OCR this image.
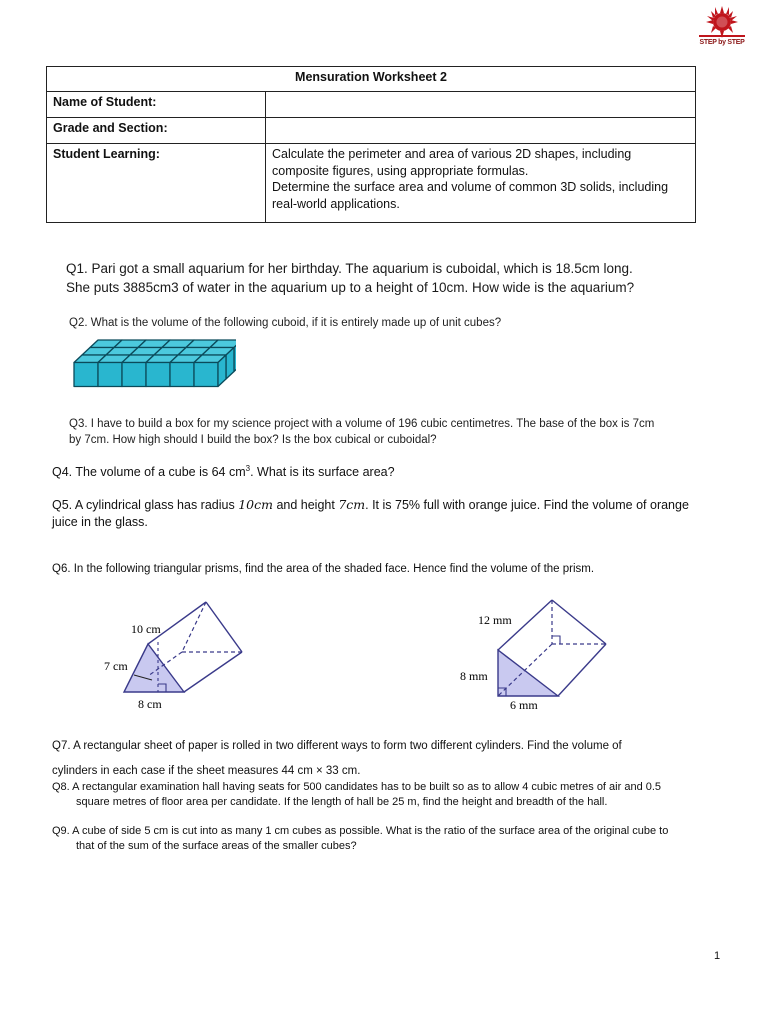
STEP by STEP
Mensuration Worksheet 2	
Name of Student:	
Grade and Section:	
Student Learning:	Calculate the perimeter and area of various 2D shapes, including
composite figures, using appropriate formulas.
Determine the surface area and volume of common 3D solids, including
real-world applications.
Q1. Pari got a small aquarium for her birthday. The aquarium is cuboidal, which is 18.5cm long.
She puts 3885cm3 of water in the aquarium up to a height of 10cm. How wide is the aquarium?
Q2. What is the volume of the following cuboid, if it is entirely made up of unit cubes?
Q3. I have to build a box for my science project with a volume of 196 cubic centimetres. The base of the box is 7cm
by 7cm. How high should I build the box? Is the box cubical or cuboidal?
Q4. The volume of a cube is 64 $cm^3$. What is its surface area?
Q5. A cylindrical glass has radius 10cm and height 7cm. It is 75% full with orange juice. Find the volume of orange
juice in the glass.
Q6. In the following triangular prisms, find the area of the shaded face. Hence find the volume of the prism.
10 cm
7 cm
8 cm
12 mm
8 mm
6 mm
Q7. A rectangular sheet of paper is rolled in two different ways to form two different cylinders. Find the volume of
cylinders in each case if the sheet measures 44 cm × 33 cm.
Q8. A rectangular examination hall having seats for 500 candidates has to be built so as to allow 4 cubic metres of air and 0.5
square metres of floor area per candidate. If the length of hall be 25 m, find the height and breadth of the hall.
Q9. A cube of side 5 cm is cut into as many 1 cm cubes as possible. What is the ratio of the surface area of the original cube to
that of the sum of the surface areas of the smaller cubes?
1
